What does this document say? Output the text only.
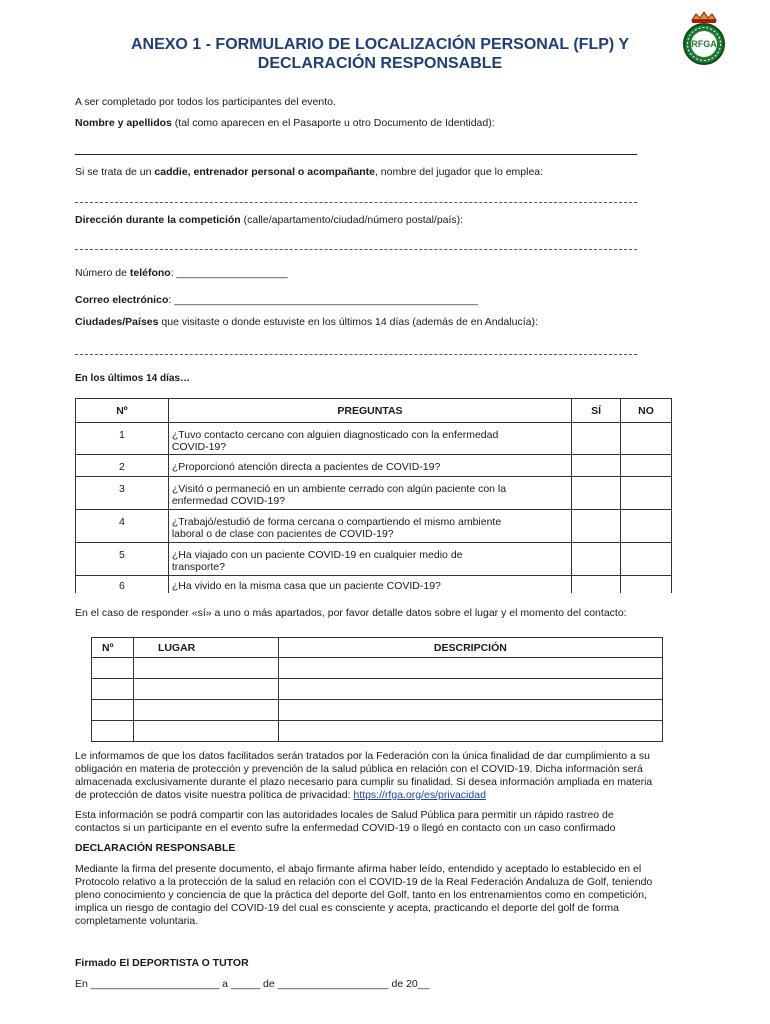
ANEXO 1 - FORMULARIO DE LOCALIZACIÓN PERSONAL (FLP) Y
DECLARACIÓN RESPONSABLE
RFGA
A ser completado por todos los participantes del evento.
Nombre y apellidos (tal como aparecen en el Pasaporte u otro Documento de Identidad):
Si se trata de un caddie, entrenador personal o acompañante, nombre del jugador que lo emplea:
Dirección durante la competición (calle/apartamento/ciudad/número postal/país):
Número de teléfono: ___________________
Correo electrónico: ____________________________________________________
Ciudades/Países que visitaste o donde estuviste en los últimos 14 días (además de en Andalucía):
En los últimos 14 días…
Nº	PREGUNTAS	SÍ	NO
1	¿Tuvo contacto cercano con alguien diagnosticado con la enfermedad
COVID-19?		

2	¿Proporcionó atención directa a pacientes de COVID-19?		

3	¿Visitó o permaneció en un ambiente cerrado con algún paciente con la
enfermedad COVID-19?		

4	¿Trabajó/estudió de forma cercana o compartiendo el mismo ambiente
laboral o de clase con pacientes de COVID-19?		

5	¿Ha viajado con un paciente COVID-19 en cualquier medio de
transporte?		

6	¿Ha vivido en la misma casa que un paciente COVID-19?		

En el caso de responder «sí» a uno o más apartados, por favor detalle datos sobre el lugar y el momento del contacto:
Nº	LUGAR	DESCRIPCIÓN

Le informamos de que los datos facilitados serán tratados por la Federación con la única finalidad de dar cumplimiento a su
obligación en materia de protección y prevención de la salud pública en relación con el COVID-19. Dicha información será
almacenada exclusivamente durante el plazo necesario para cumplir su finalidad. Si desea información ampliada en materia
de protección de datos visite nuestra política de privacidad: https://rfga.org/es/privacidad
Esta información se podrá compartir con las autoridades locales de Salud Pública para permitir un rápido rastreo de
contactos si un participante en el evento sufre la enfermedad COVID-19 o llegó en contacto con un caso confirmado
DECLARACIÓN RESPONSABLE
Mediante la firma del presente documento, el abajo firmante afirma haber leído, entendido y aceptado lo establecido en el
Protocolo relativo a la protección de la salud en relación con el COVID-19 de la Real Federación Andaluza de Golf, teniendo
pleno conocimiento y conciencia de que la práctica del deporte del Golf, tanto en los entrenamientos como en competición,
implica un riesgo de contagio del COVID-19 del cual es consciente y acepta, practicando el deporte del golf de forma
completamente voluntaria.
Firmado El DEPORTISTA O TUTOR
En ______________________ a _____ de ___________________ de 20__
